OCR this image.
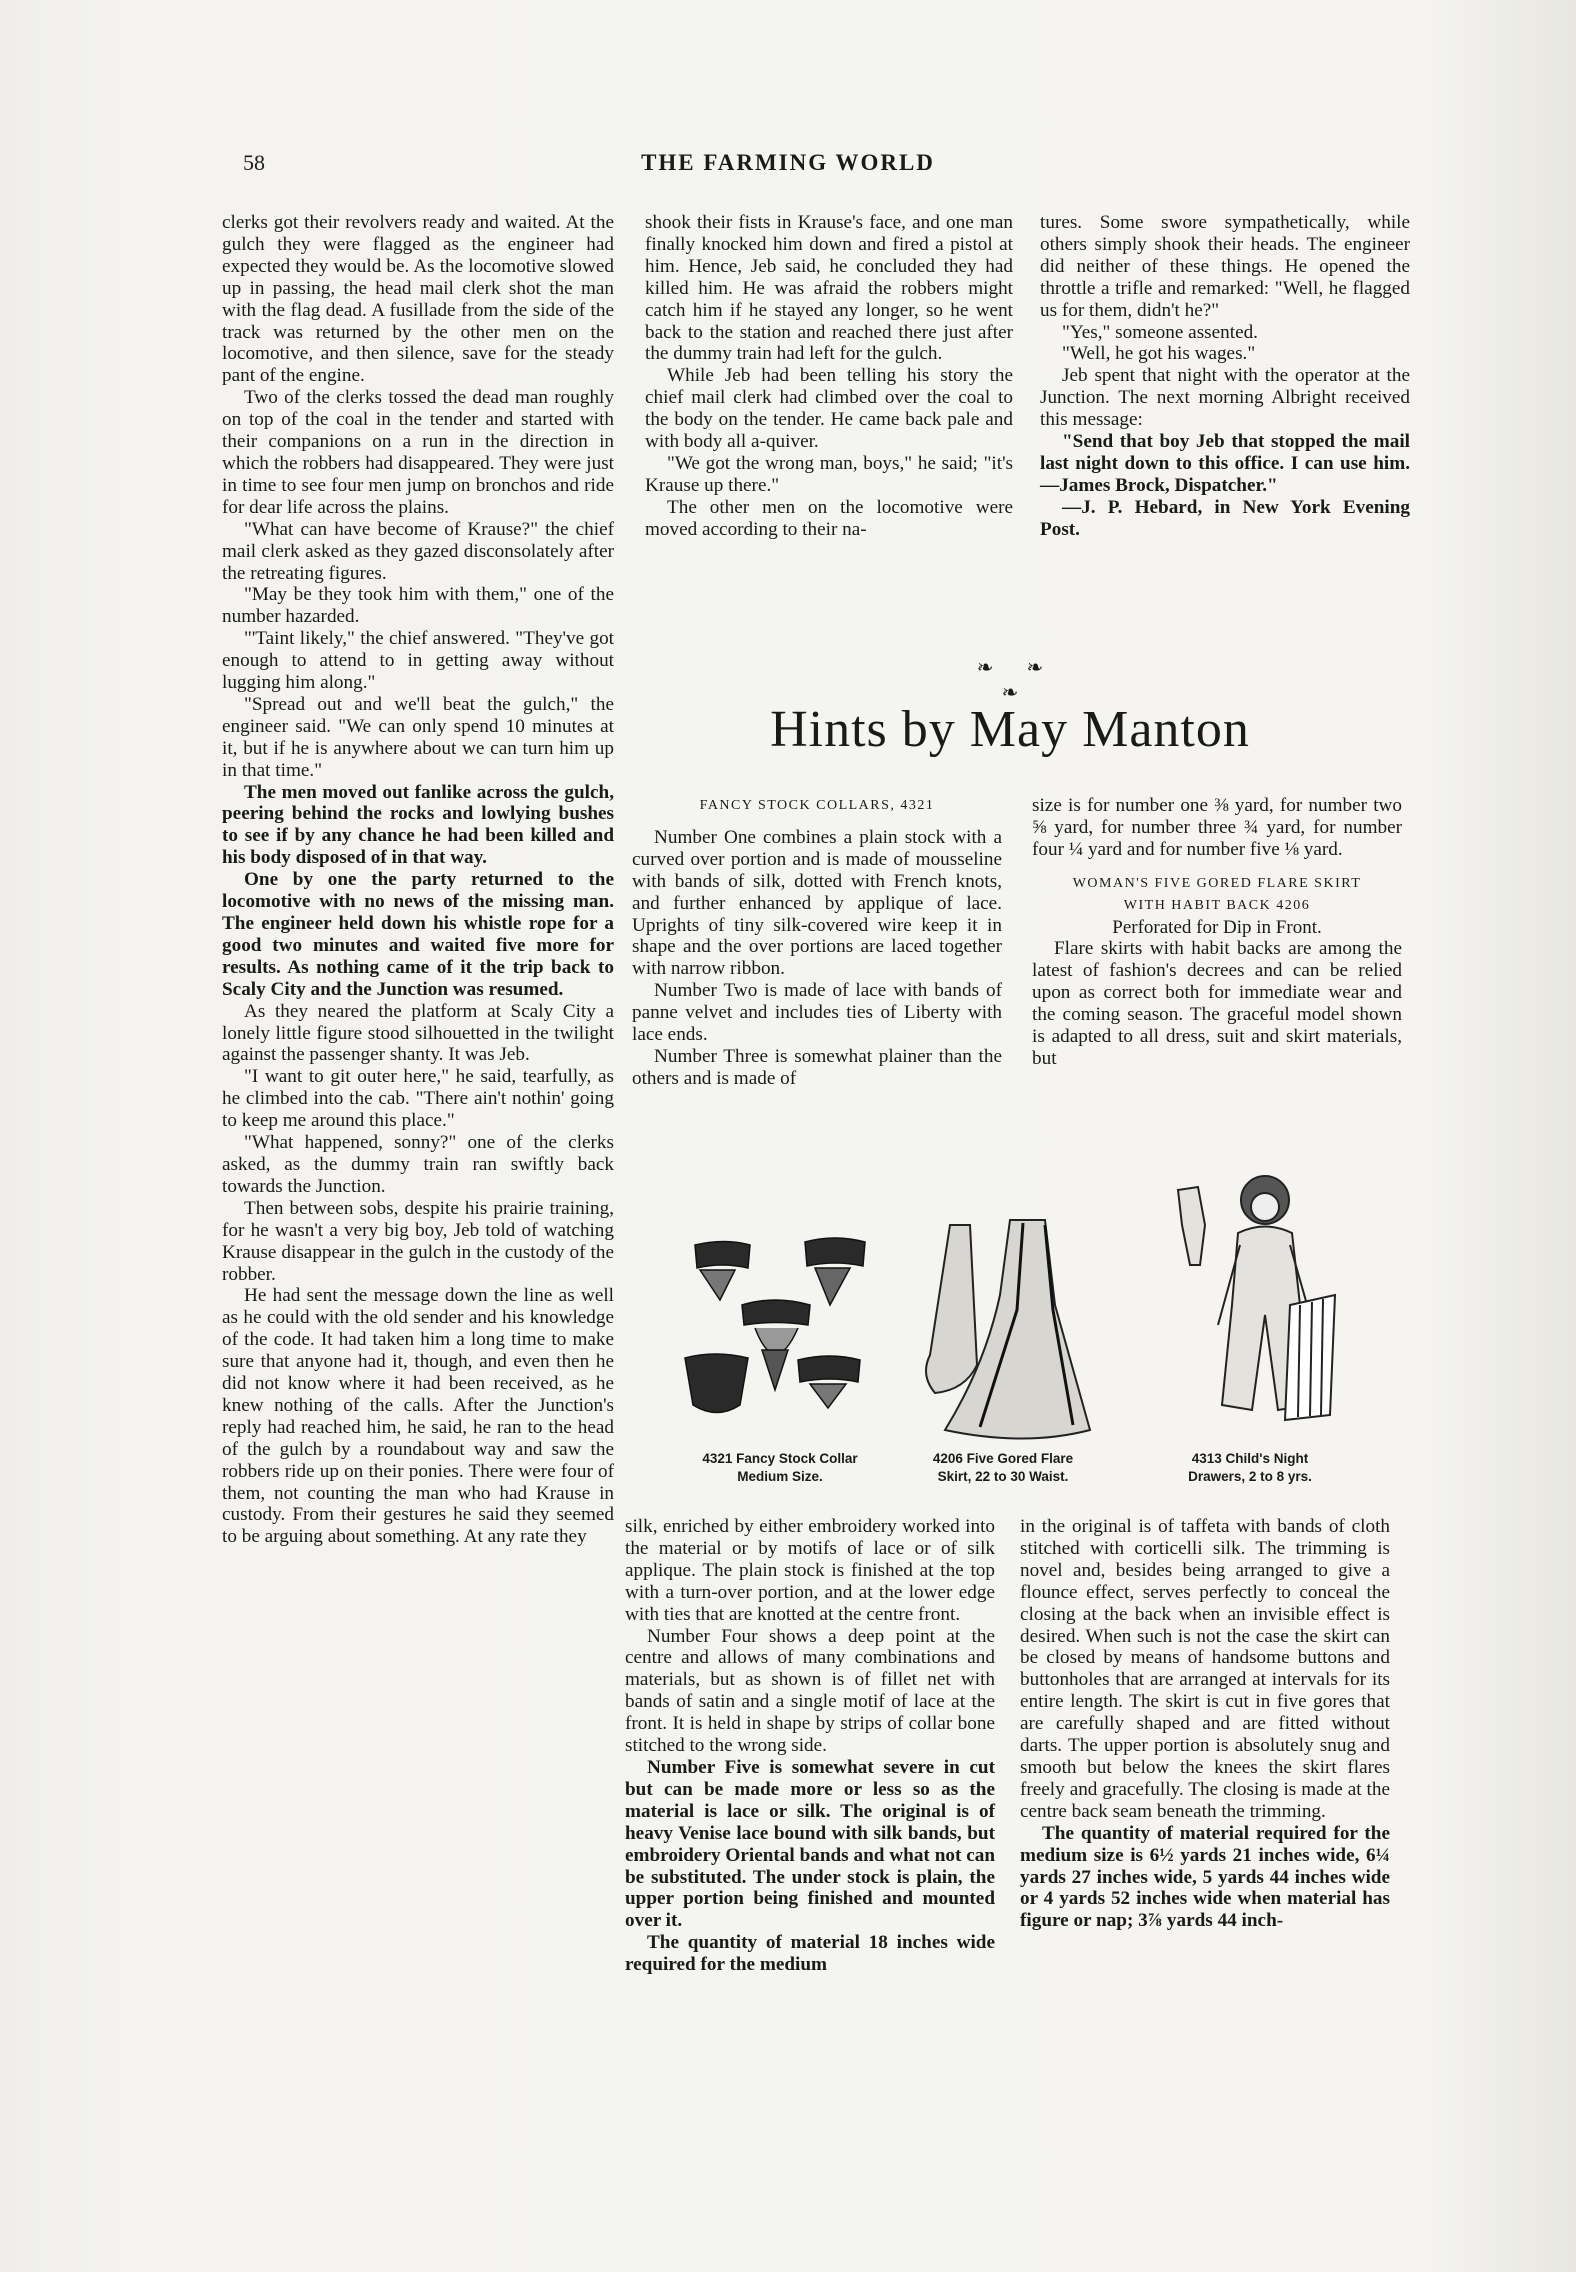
58	THE FARMING WORLD

clerks got their revolvers ready and waited. At the gulch they were flagged as the engineer had expected they would be. As the locomotive slowed up in passing, the head mail clerk shot the man with the flag dead. A fusillade from the side of the track was returned by the other men on the locomotive, and then silence, save for the steady pant of the engine.

Two of the clerks tossed the dead man roughly on top of the coal in the tender and started with their companions on a run in the direction in which the robbers had disappeared. They were just in time to see four men jump on bronchos and ride for dear life across the plains.

"What can have become of Krause?" the chief mail clerk asked as they gazed disconsolately after the retreating figures.

"May be they took him with them," one of the number hazarded.

"'Taint likely," the chief answered. "They've got enough to attend to in getting away without lugging him along."

"Spread out and we'll beat the gulch," the engineer said. "We can only spend 10 minutes at it, but if he is anywhere about we can turn him up in that time."

The men moved out fanlike across the gulch, peering behind the rocks and lowlying bushes to see if by any chance he had been killed and his body disposed of in that way.

One by one the party returned to the locomotive with no news of the missing man. The engineer held down his whistle rope for a good two minutes and waited five more for results. As nothing came of it the trip back to Scaly City and the Junction was resumed.

As they neared the platform at Scaly City a lonely little figure stood silhouetted in the twilight against the passenger shanty. It was Jeb.

"I want to git outer here," he said, tearfully, as he climbed into the cab. "There ain't nothin' going to keep me around this place."

"What happened, sonny?" one of the clerks asked, as the dummy train ran swiftly back towards the Junction.

Then between sobs, despite his prairie training, for he wasn't a very big boy, Jeb told of watching Krause disappear in the gulch in the custody of the robber.

He had sent the message down the line as well as he could with the old sender and his knowledge of the code. It had taken him a long time to make sure that anyone had it, though, and even then he did not know where it had been received, as he knew nothing of the calls. After the Junction's reply had reached him, he said, he ran to the head of the gulch by a roundabout way and saw the robbers ride up on their ponies. There were four of them, not counting the man who had Krause in custody. From their gestures he said they seemed to be arguing about something. At any rate they

shook their fists in Krause's face, and one man finally knocked him down and fired a pistol at him. Hence, Jeb said, he concluded they had killed him. He was afraid the robbers might catch him if he stayed any longer, so he went back to the station and reached there just after the dummy train had left for the gulch.

While Jeb had been telling his story the chief mail clerk had climbed over the coal to the body on the tender. He came back pale and with body all a-quiver.

"We got the wrong man, boys," he said; "it's Krause up there."

The other men on the locomotive were moved according to their na-

tures. Some swore sympathetically, while others simply shook their heads. The engineer did neither of these things. He opened the throttle a trifle and remarked: "Well, he flagged us for them, didn't he?"

"Yes," someone assented.

"Well, he got his wages."

Jeb spent that night with the operator at the Junction. The next morning Albright received this message:

"Send that boy Jeb that stopped the mail last night down to this office. I can use him.—James Brock, Dispatcher."

—J. P. Hebard, in New York Evening Post.

❧ ❧ ❧
Hints by May Manton

FANCY STOCK COLLARS, 4321

Number One combines a plain stock with a curved over portion and is made of mousseline with bands of silk, dotted with French knots, and further enhanced by applique of lace. Uprights of tiny silk-covered wire keep it in shape and the over portions are laced together with narrow ribbon.

Number Two is made of lace with bands of panne velvet and includes ties of Liberty with lace ends.

Number Three is somewhat plainer than the others and is made of

size is for number one ⅜ yard, for number two ⅝ yard, for number three ¾ yard, for number four ¼ yard and for number five ⅛ yard.

WOMAN'S FIVE GORED FLARE SKIRT

WITH HABIT BACK 4206

Perforated for Dip in Front.

Flare skirts with habit backs are among the latest of fashion's decrees and can be relied upon as correct both for immediate wear and the coming season. The graceful model shown is adapted to all dress, suit and skirt materials, but

4321 Fancy Stock Collar
Medium Size.
4206 Five Gored Flare
Skirt, 22 to 30 Waist.
4313 Child's Night
Drawers, 2 to 8 yrs.

silk, enriched by either embroidery worked into the material or by motifs of lace or of silk applique. The plain stock is finished at the top with a turn-over portion, and at the lower edge with ties that are knotted at the centre front.

Number Four shows a deep point at the centre and allows of many combinations and materials, but as shown is of fillet net with bands of satin and a single motif of lace at the front. It is held in shape by strips of collar bone stitched to the wrong side.

Number Five is somewhat severe in cut but can be made more or less so as the material is lace or silk. The original is of heavy Venise lace bound with silk bands, but embroidery Oriental bands and what not can be substituted. The under stock is plain, the upper portion being finished and mounted over it.

The quantity of material 18 inches wide required for the medium

in the original is of taffeta with bands of cloth stitched with corticelli silk. The trimming is novel and, besides being arranged to give a flounce effect, serves perfectly to conceal the closing at the back when an invisible effect is desired. When such is not the case the skirt can be closed by means of handsome buttons and buttonholes that are arranged at intervals for its entire length. The skirt is cut in five gores that are carefully shaped and are fitted without darts. The upper portion is absolutely snug and smooth but below the knees the skirt flares freely and gracefully. The closing is made at the centre back seam beneath the trimming.

The quantity of material required for the medium size is 6½ yards 21 inches wide, 6¼ yards 27 inches wide, 5 yards 44 inches wide or 4 yards 52 inches wide when material has figure or nap; 3⅞ yards 44 inch-
